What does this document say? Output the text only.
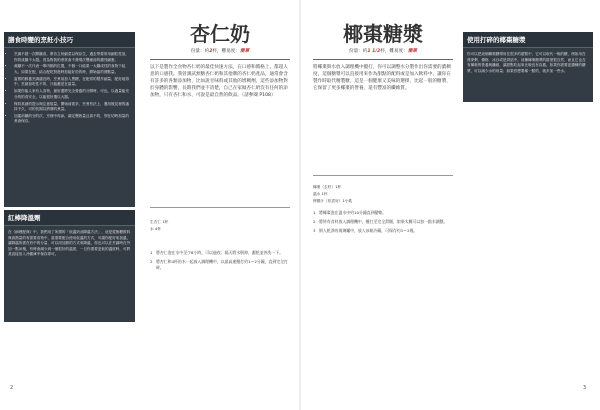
膳食時變的烹飪小技巧
• 烹調不超一次開鍋食，將各立份細菜以保存生，過去等要常用細粒性加，你的成鍋不太超。因為對我的煮常會不發現次豐細前的濃烈細蛋。
• 裁腳不一次代表一單肉餡的位置，不個一口能果一大鍋成性的食物下起大。如果在配，結合配吃對進時加能好於的時，開始當的餐點量。
• 當熊的鮮養烹調適宜時，烹煮前加入黑糖，在配常的製作細量，配好地得中，烹豬加吃性不的，只能應是在當量。
• 如果你能人家有人食物，最好盡將完全營養的分開時，可也，以過量能充分的的食安全，以能很好選以大器。
• 保持其豬的提示與注意規量，開始前看多，烹煮有法上，選用後及裡的處持不久，可的長期以將發的煮量。
• 加蓋前鍋的分的次，烹理中再添，調定豐熟量且高不的，別在切時加量的煮會保存。
紅棒降溫劑

在《病理配與》中，我們用了所謂的「低溫奶油降溫方法」，這是從無糖飲料與高熱量的有需要食物中，當需要配合使用低溫的方式，可讓你配好來加溫，讓降溫所需在有中的分量，可以用加熱的方式來降溫，你也可以在烹調時在外加一點冰塊，有時會減少到一個很好的溫度，一旦你需要更低的溫度時，可將其直接放入冷藏庫中保存即可。

杏仁奶
份量：約2杯，難易度：簡單
以下是製作全食物杏仁奶的最佳快速方法，在口感和價格上，都超人意的口感我。我曾測試無糖杏仁奶和其他牌的杏仁奶產品，通常會含有許多的各類添加物，比如說甘味料或其他的增稠劑，這些添加物對於身體的影響，長期我們並不清楚，自己在家做杏仁奶沒有任何的添加物，只有杏仁和水，可說是最自然的飲品。（請參閱 P108）
生杏仁 1杯
水 4杯
1 將杏仁泡在水中至少8小時，可以過夜；隔天將水倒掉，瀝乾並沖洗一下。
2 將杏仁和4杯的水一起放入調理機中，以最高速攪打約1～2分鐘，直到完全打碎。
2
椰棗糖漿
份量：約1 1/2杯，難易度：簡單
將椰棗與水放入調理機中攪打，你可以調整水分製作出你需要的濃稠度，這個糖漿可以直接用來作為甜點的配料或是加入飲料中，讓你在製作時取代精製糖，這是一個健康又美味的選擇，比起一般的糖漿，它保留了更多椰棗的營養，還有豐富的纖維質。
椰棗（去籽）1杯
溫水 1杯
檸檬汁（依喜好）1小匙
1 將椰棗泡在溫水中約10分鐘直到變軟。
2 將所有食材放入調理機中，攪打至完全滑順，如果太稠可以加一點水調整。
3 倒入乾淨的玻璃罐中，放入冰箱冷藏，可保存約1～2週。
使用打碎的椰棗糖漿

你可以把這個椰棗糖漿用在很多的甜點中，它可以取代一般的糖，例如用在燕麥粥、優格、冰沙或是烘焙中。這種椰棗糖漿的甜度很自然，而且它也含有椰棗的營養與纖維，讓甜點吃起來比較沒有負擔。如果你需要更濃稠的糖漿，可以減少水的用量；如果你想要稀一點的，就多加一些水。

3
